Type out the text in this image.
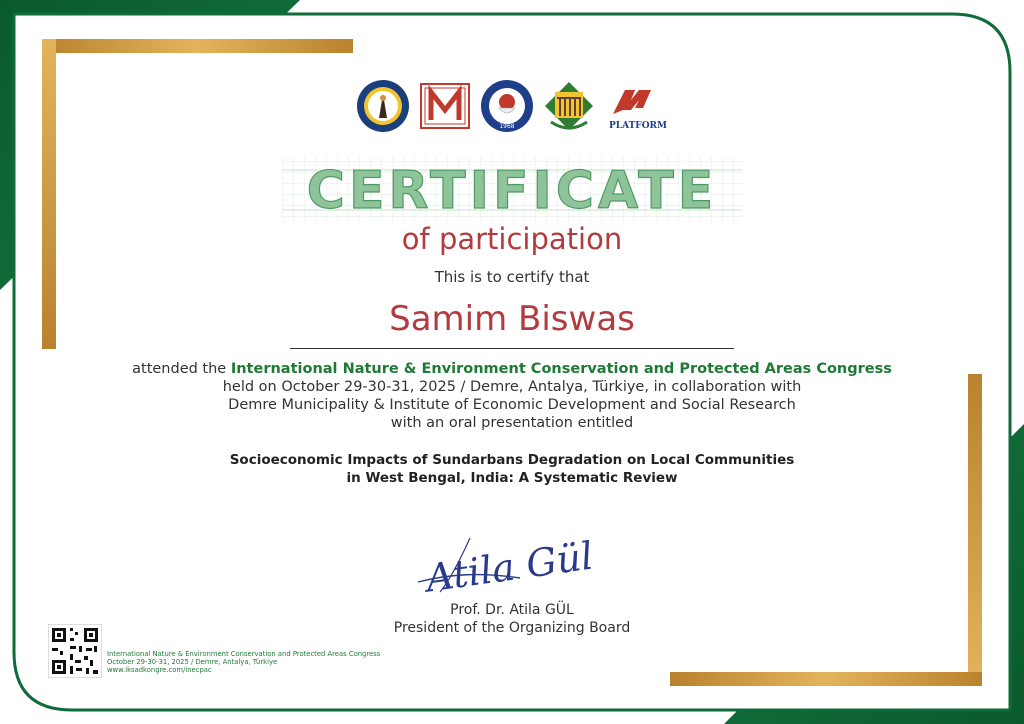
1968	PLATFORM
CERTIFICATE
of participation
This is to certify that
Samim Biswas
attended the International Nature & Environment Conservation and Protected Areas Congress
held on October 29-30-31, 2025 / Demre, Antalya, Türkiye, in collaboration with
Demre Municipality & Institute of Economic Development and Social Research
with an oral presentation entitled
Socioeconomic Impacts of Sundarbans Degradation on Local Communities
in West Bengal, India: A Systematic Review
Atila Gül
Prof. Dr. Atila GÜL
President of the Organizing Board
International Nature & Environment Conservation and Protected Areas Congress
October 29-30-31, 2025 / Demre, Antalya, Türkiye
www.iksadkongre.com/inecpac
